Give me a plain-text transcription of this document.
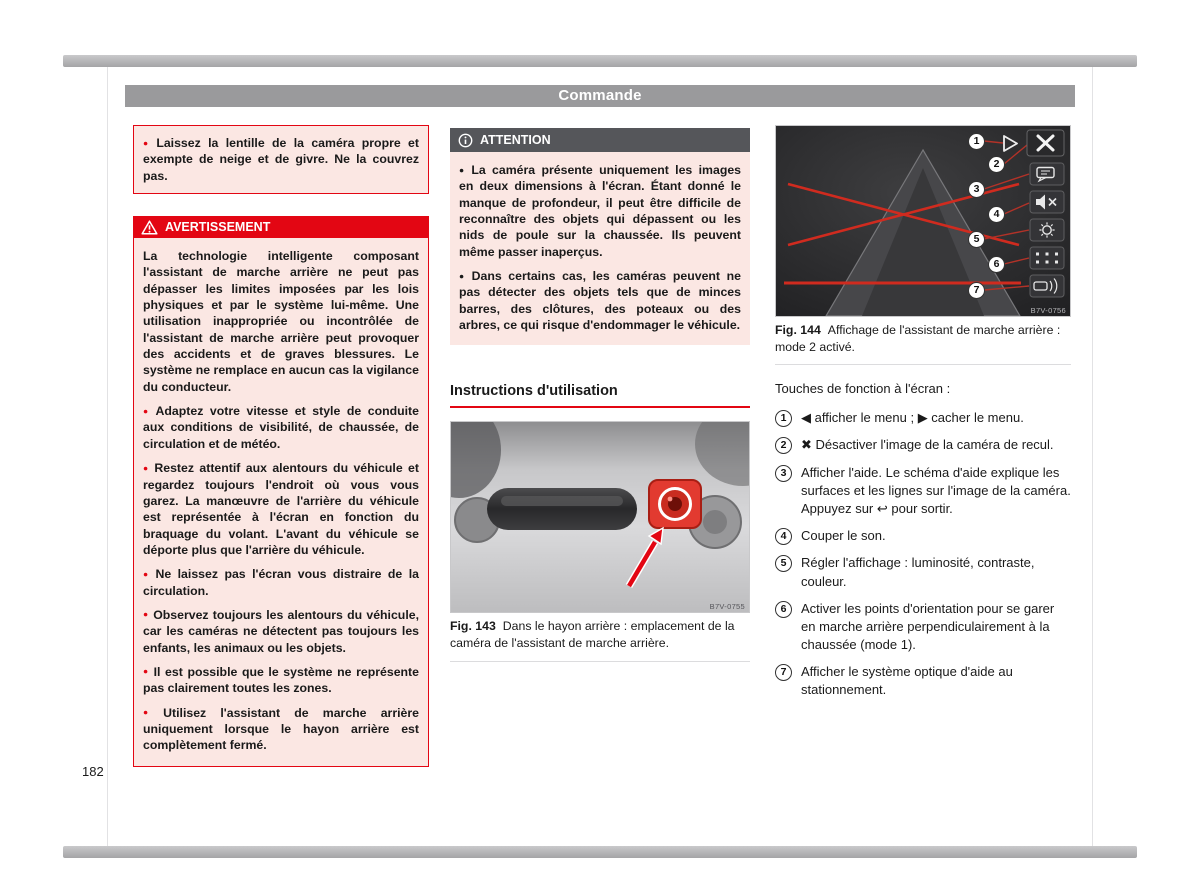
Commande
182

● Laissez la lentille de la caméra propre et exempte de neige et de givre. Ne la couvrez pas.

AVERTISSEMENT

La technologie intelligente composant l'assistant de marche arrière ne peut pas dépasser les limites imposées par les lois physiques et par le système lui-même. Une utilisation inappropriée ou incontrôlée de l'assistant de marche arrière peut provoquer des accidents et de graves blessures. Le système ne remplace en aucun cas la vigilance du conducteur.

● Adaptez votre vitesse et style de conduite aux conditions de visibilité, de chaussée, de circulation et de météo.

● Restez attentif aux alentours du véhicule et regardez toujours l'endroit où vous vous garez. La manœuvre de l'arrière du véhicule est représentée à l'écran en fonction du braquage du volant. L'avant du véhicule se déporte plus que l'arrière du véhicule.

● Ne laissez pas l'écran vous distraire de la circulation.

● Observez toujours les alentours du véhicule, car les caméras ne détectent pas toujours les enfants, les animaux ou les objets.

● Il est possible que le système ne représente pas clairement toutes les zones.

● Utilisez l'assistant de marche arrière uniquement lorsque le hayon arrière est complètement fermé.

ATTENTION

● La caméra présente uniquement les images en deux dimensions à l'écran. Étant donné le manque de profondeur, il peut être difficile de reconnaître des objets qui dépassent ou les nids de poule sur la chaussée. Ils peuvent même passer inaperçus.

● Dans certains cas, les caméras peuvent ne pas détecter des objets tels que de minces barres, des clôtures, des poteaux ou des arbres, ce qui risque d'endommager le véhicule.

Instructions d'utilisation
B7V-0755

Fig. 143 Dans le hayon arrière : emplacement de la caméra de l'assistant de marche arrière.

1
2
3
4
5
6
7
B7V-0756

Fig. 144 Affichage de l'assistant de marche arrière : mode 2 activé.

Touches de fonction à l'écran :

1	◀ afficher le menu ; ▶ cacher le menu.
2	✖ Désactiver l'image de la caméra de recul.
3	Afficher l'aide. Le schéma d'aide explique les surfaces et les lignes sur l'image de la caméra. Appuyez sur ↩ pour sortir.
4	Couper le son.
5	Régler l'affichage : luminosité, contraste, couleur.
6	Activer les points d'orientation pour se garer en marche arrière perpendiculairement à la chaussée (mode 1).
7	Afficher le système optique d'aide au stationnement.
